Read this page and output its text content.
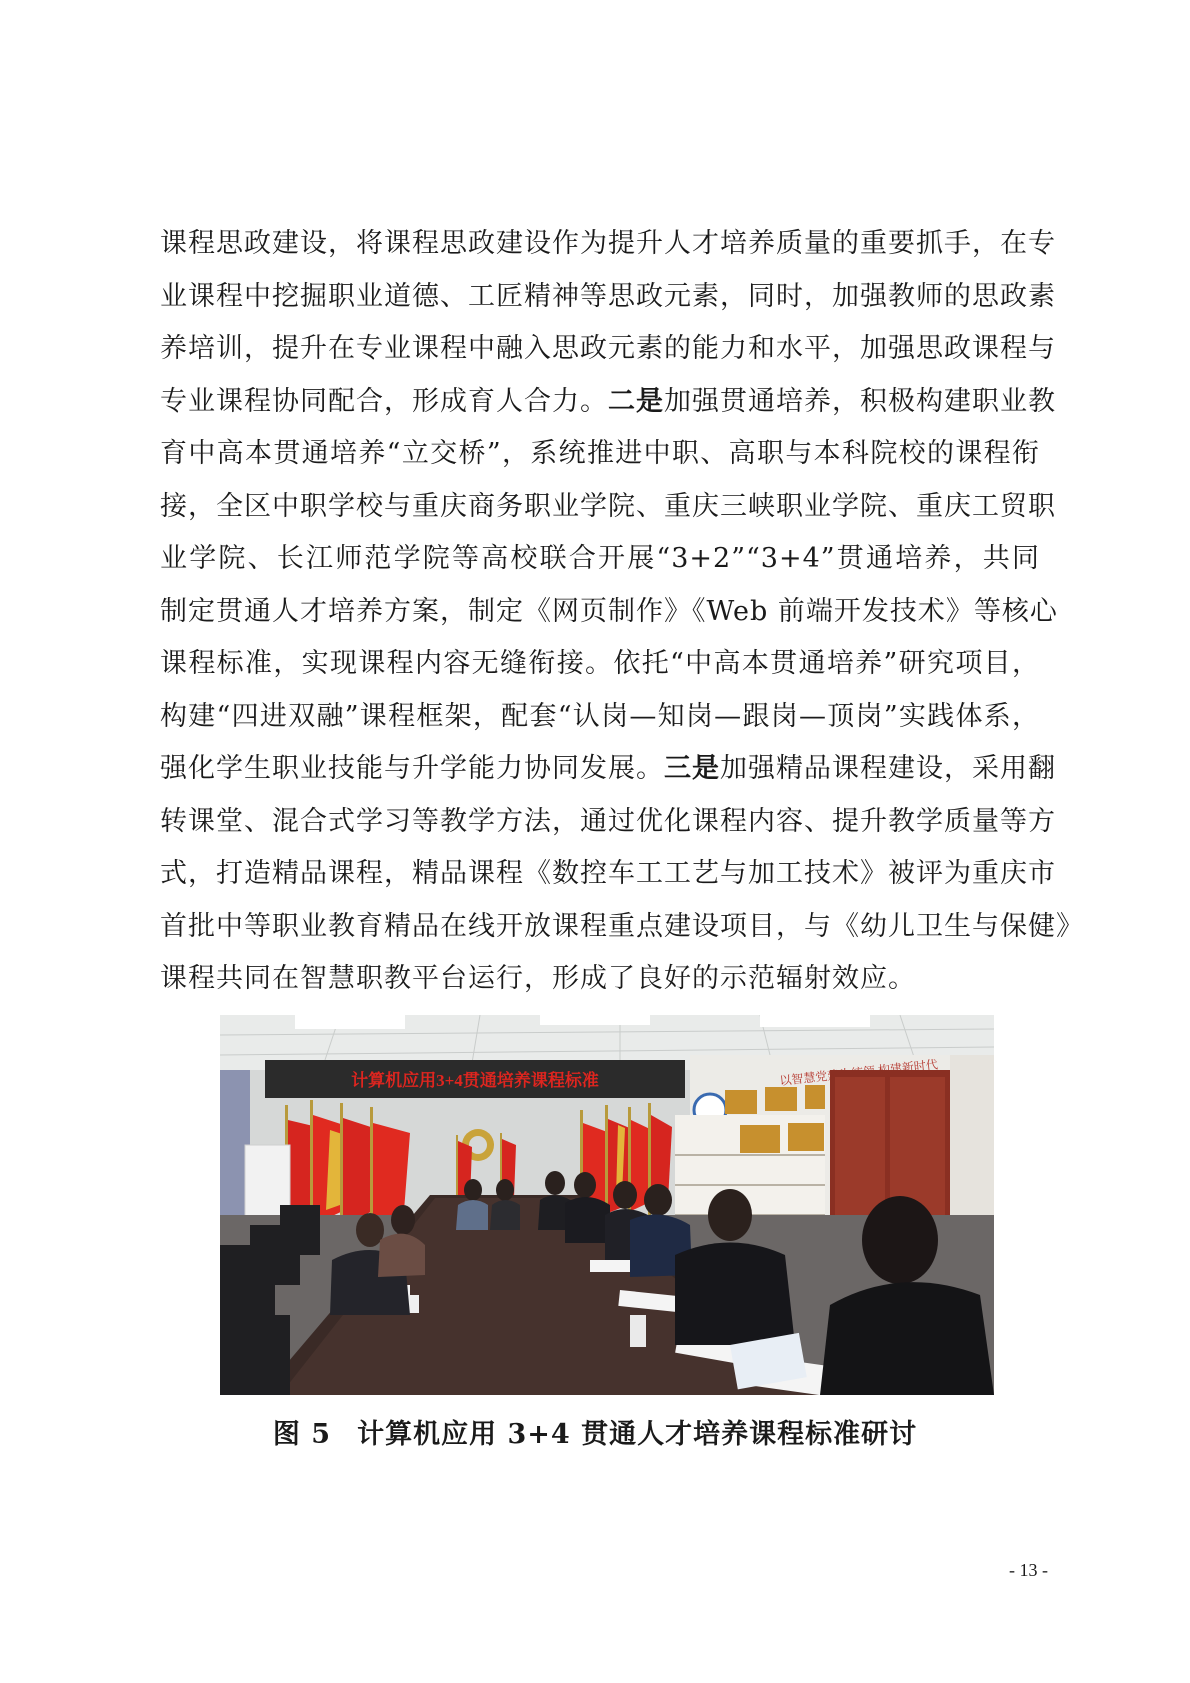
课程思政建设，将课程思政建设作为提升人才培养质量的重要抓手，在专
业课程中挖掘职业道德、工匠精神等思政元素，同时，加强教师的思政素
养培训，提升在专业课程中融入思政元素的能力和水平，加强思政课程与
专业课程协同配合，形成育人合力。二是加强贯通培养，积极构建职业教
育中高本贯通培养“立交桥”，系统推进中职、高职与本科院校的课程衔
接，全区中职学校与重庆商务职业学院、重庆三峡职业学院、重庆工贸职
业学院、长江师范学院等高校联合开展“3+2”“3+4”贯通培养，共同
制定贯通人才培养方案，制定《网页制作》《Web 前端开发技术》等核心
课程标准，实现课程内容无缝衔接。依托“中高本贯通培养”研究项目，
构建“四进双融”课程框架，配套“认岗—知岗—跟岗—顶岗”实践体系，
强化学生职业技能与升学能力协同发展。三是加强精品课程建设，采用翻
转课堂、混合式学习等教学方法，通过优化课程内容、提升教学质量等方
式，打造精品课程，精品课程《数控车工工艺与加工技术》被评为重庆市
首批中等职业教育精品在线开放课程重点建设项目，与《幼儿卫生与保健》
课程共同在智慧职教平台运行，形成了良好的示范辐射效应。
计算机应用3+4贯通培养课程标准	以智慧党建为统领 构建新时代
图 5 计算机应用 3+4 贯通人才培养课程标准研讨
- 13 -
